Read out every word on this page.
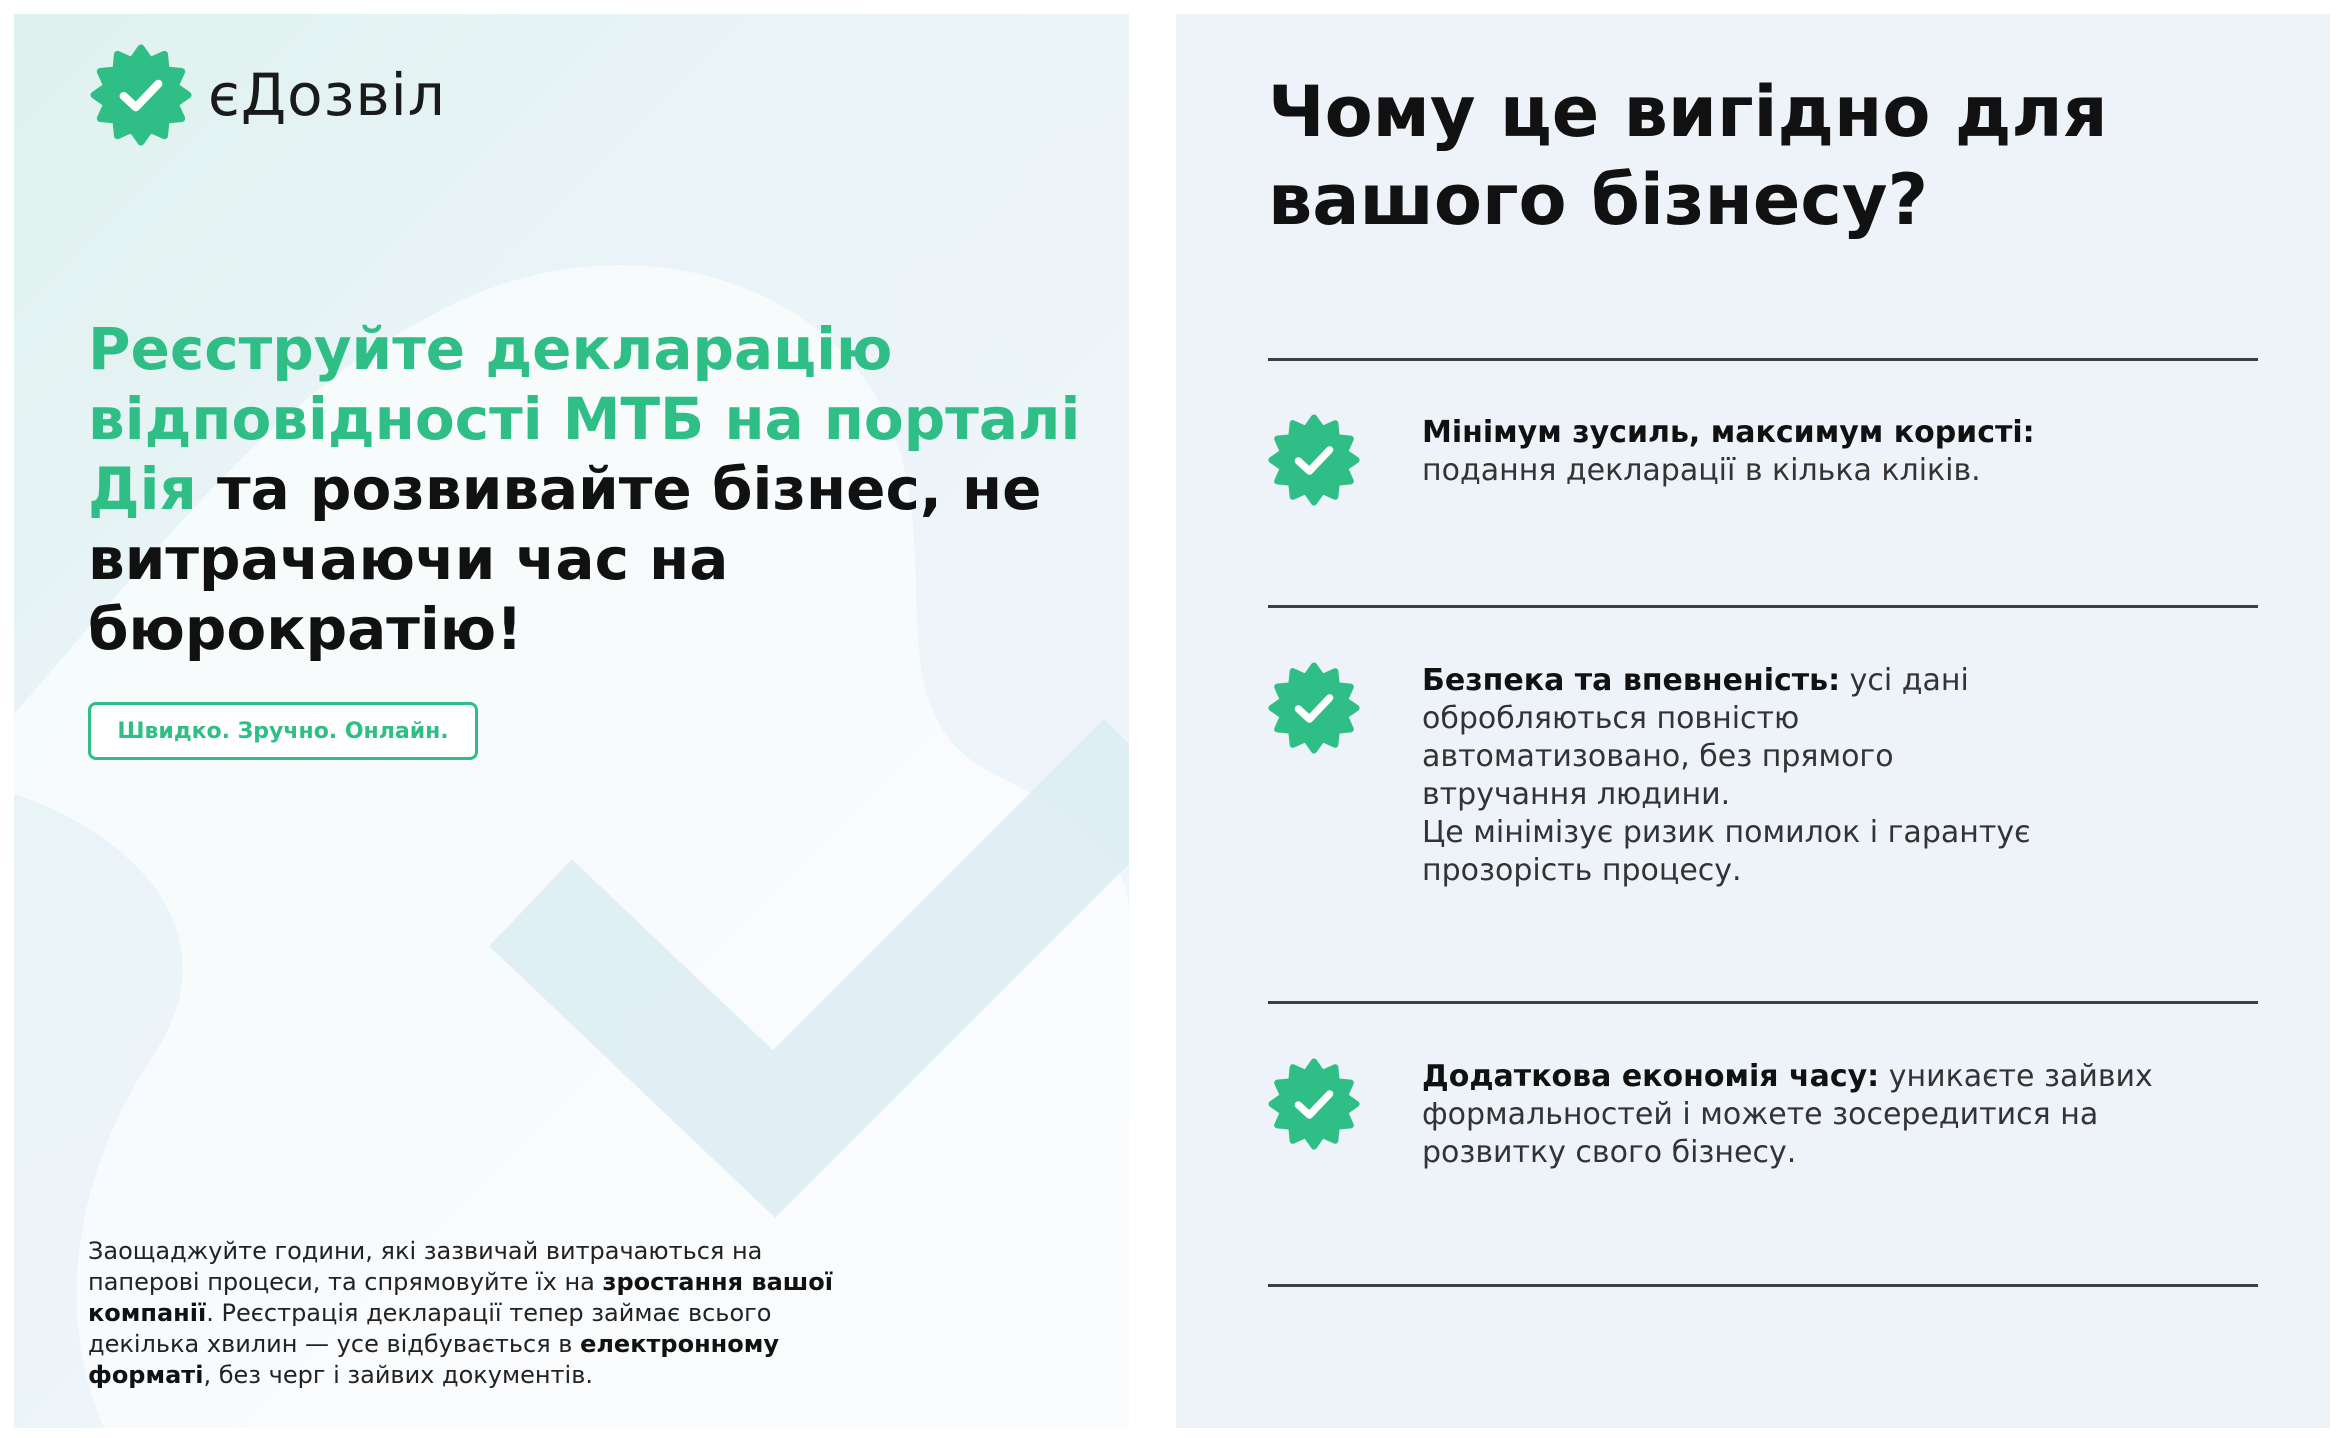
єДозвіл
Реєструйте декларацію відповідності МТБ на порталі Дія та розвивайте бізнес, не витрачаючи час на бюрократію!
Швидко. Зручно. Онлайн.
Заощаджуйте години, які зазвичай витрачаються на паперові процеси, та спрямовуйте їх на зростання вашої компанії. Реєстрація декларації тепер займає всього декілька хвилин — усе відбувається в електронному форматі, без черг і зайвих документів.
Чому це вигідно для вашого бізнесу?
Мінімум зусиль, максимум користі:
подання декларації в кілька кліків.
Безпека та впевненість: усі дані обробляються повністю автоматизовано, без прямого втручання людини.
Це мінімізує ризик помилок і гарантує прозорість процесу.
Додаткова економія часу: уникаєте зайвих формальностей і можете зосередитися на розвитку свого бізнесу.
